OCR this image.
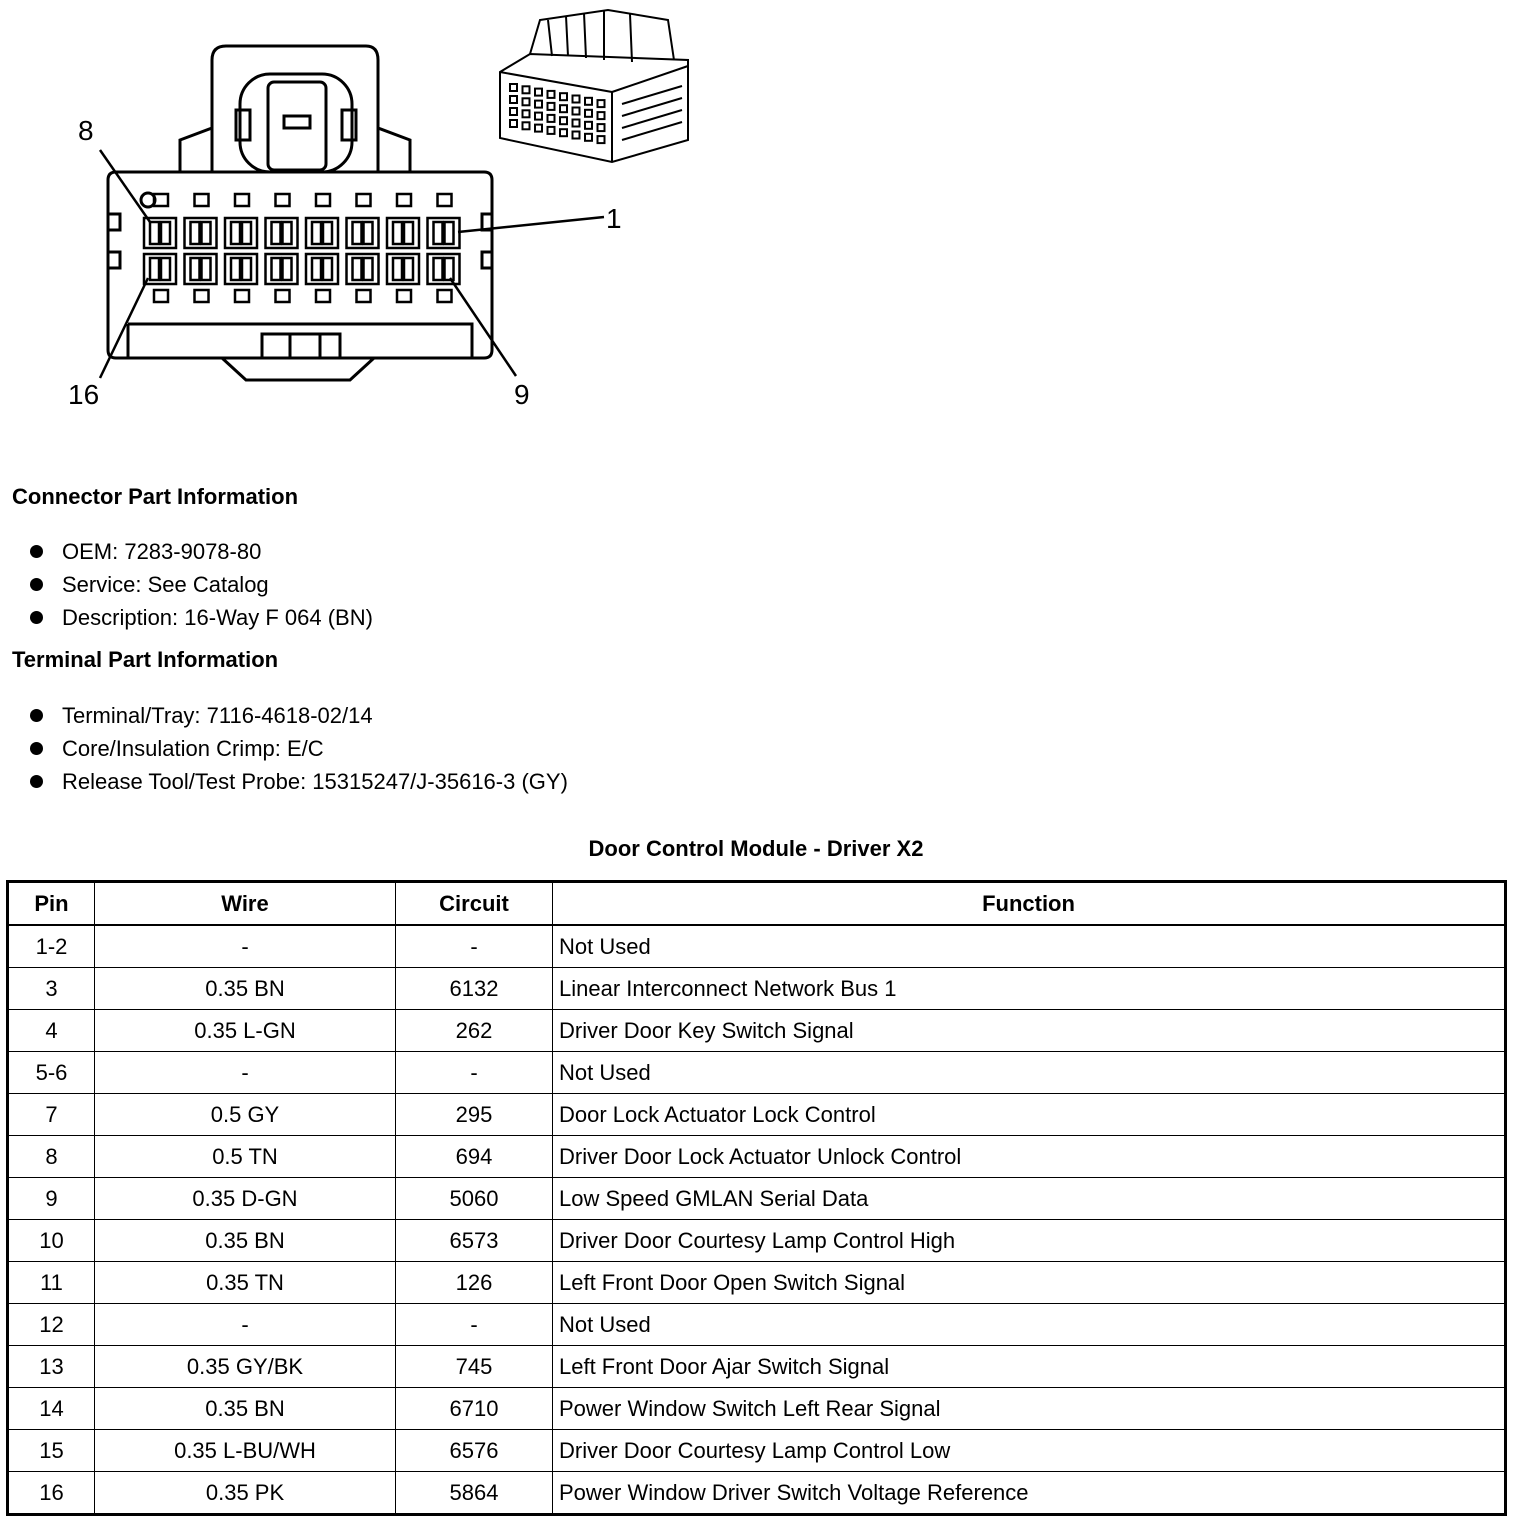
8
1
16	9
Connector Part Information
OEM: 7283-9078-80
Service: See Catalog
Description: 16-Way F 064 (BN)
Terminal Part Information
Terminal/Tray: 7116-4618-02/14
Core/Insulation Crimp: E/C
Release Tool/Test Probe: 15315247/J-35616-3 (GY)
Door Control Module - Driver X2
Pin	Wire	Circuit	Function
1-2	-	-	Not Used
3	0.35 BN	6132	Linear Interconnect Network Bus 1
4	0.35 L-GN	262	Driver Door Key Switch Signal
5-6	-	-	Not Used
7	0.5 GY	295	Door Lock Actuator Lock Control
8	0.5 TN	694	Driver Door Lock Actuator Unlock Control
9	0.35 D-GN	5060	Low Speed GMLAN Serial Data
10	0.35 BN	6573	Driver Door Courtesy Lamp Control High
11	0.35 TN	126	Left Front Door Open Switch Signal
12	-	-	Not Used
13	0.35 GY/BK	745	Left Front Door Ajar Switch Signal
14	0.35 BN	6710	Power Window Switch Left Rear Signal
15	0.35 L-BU/WH	6576	Driver Door Courtesy Lamp Control Low
16	0.35 PK	5864	Power Window Driver Switch Voltage Reference
